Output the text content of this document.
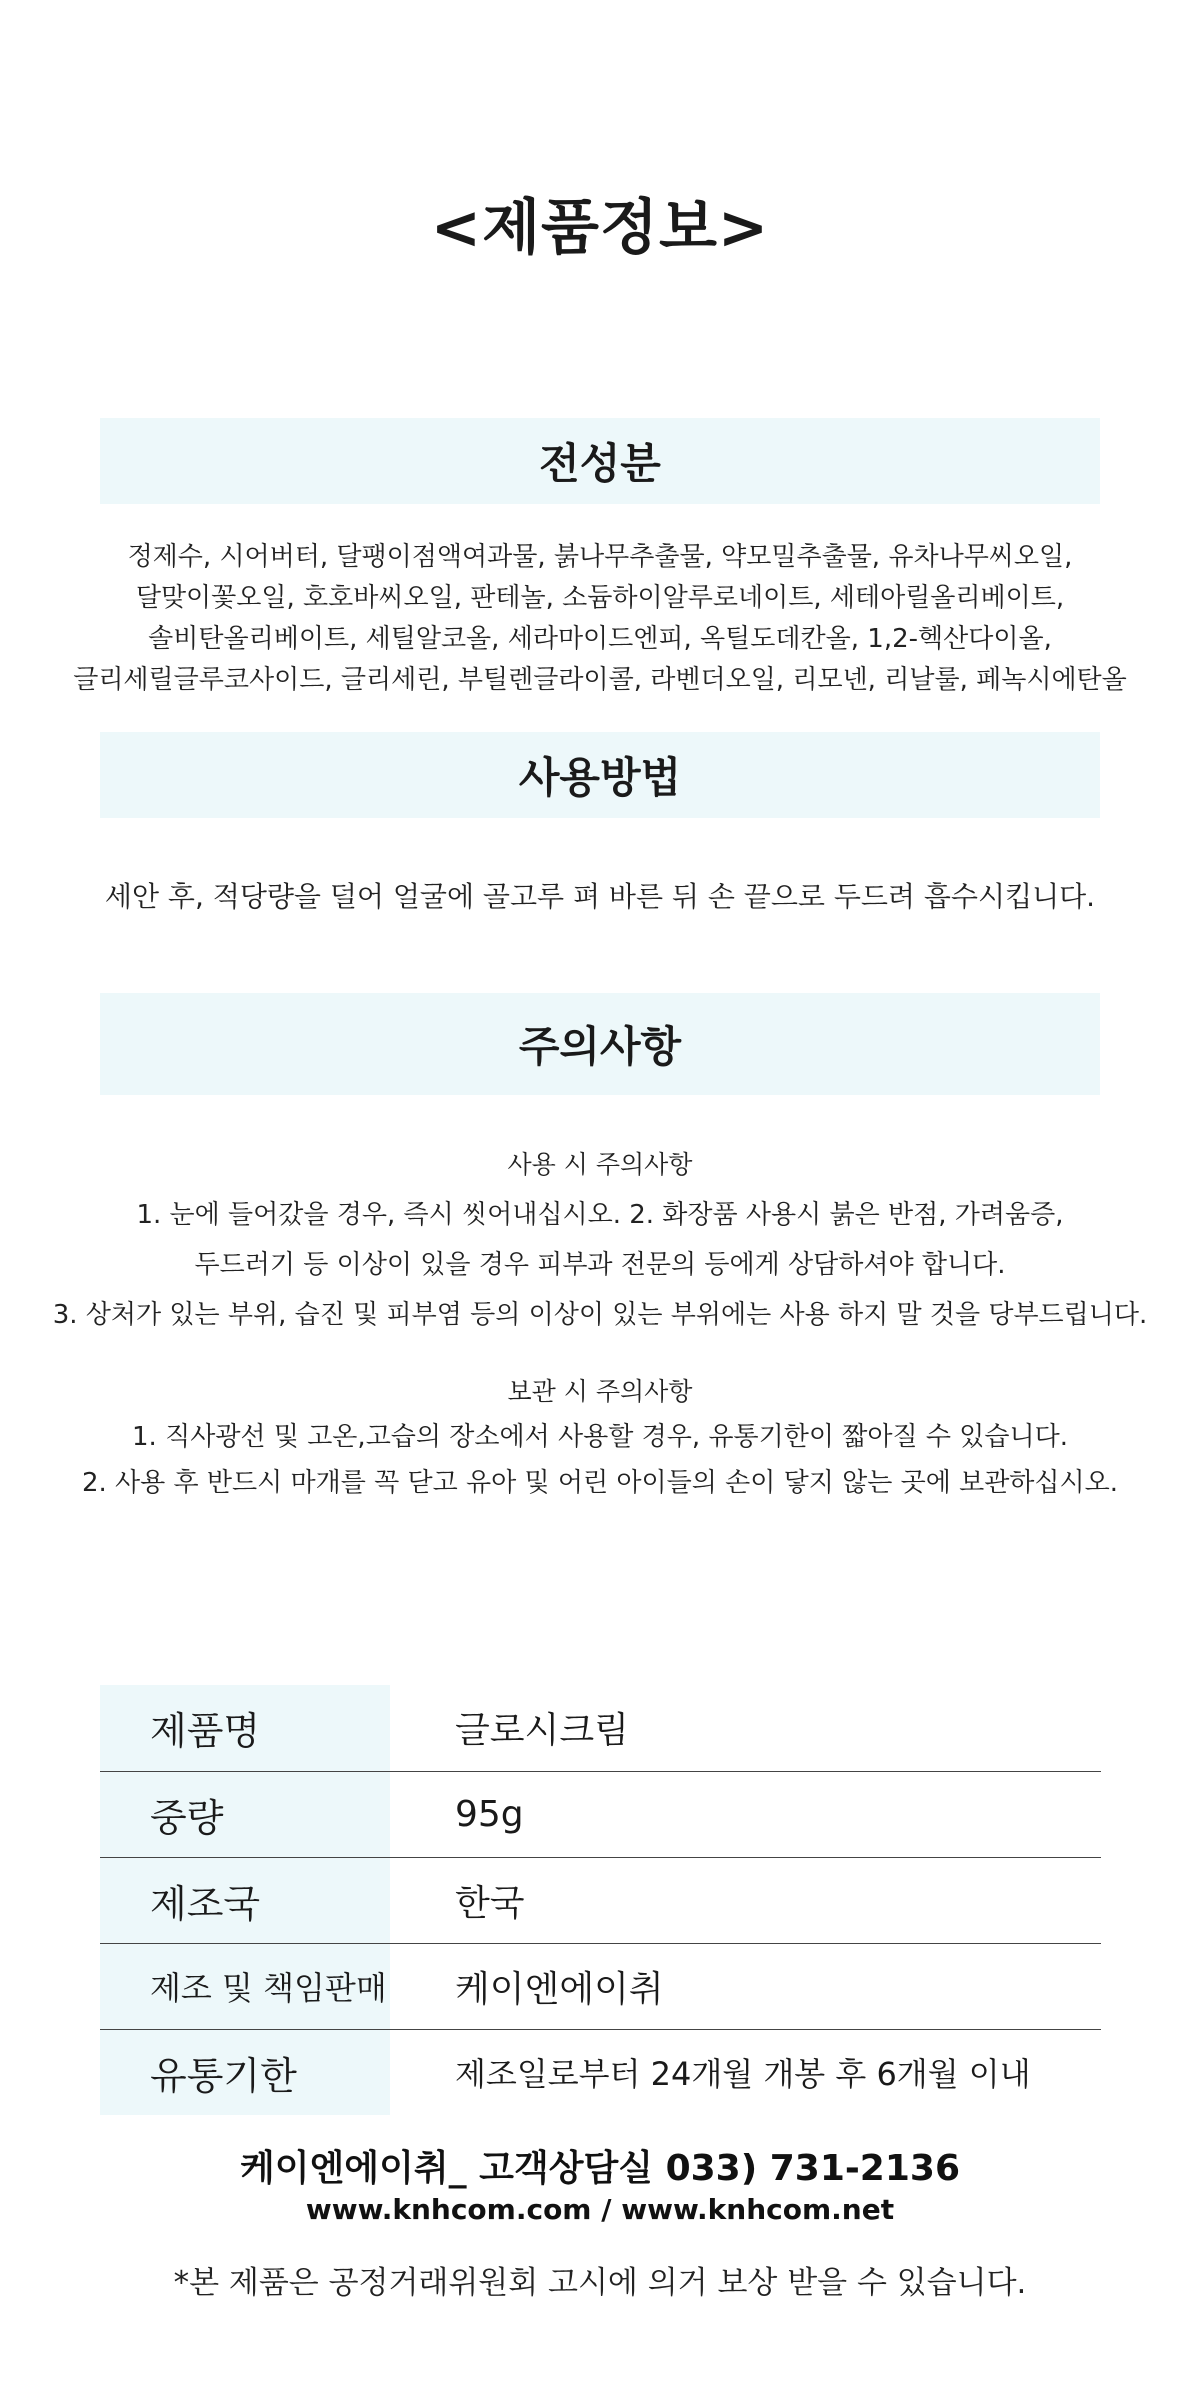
<제품정보>
전성분
정제수, 시어버터, 달팽이점액여과물, 붉나무추출물, 약모밀추출물, 유차나무씨오일,
달맞이꽃오일, 호호바씨오일, 판테놀, 소듐하이알루로네이트, 세테아릴올리베이트,
솔비탄올리베이트, 세틸알코올, 세라마이드엔피, 옥틸도데칸올, 1,2-헥산다이올,
글리세릴글루코사이드, 글리세린, 부틸렌글라이콜, 라벤더오일, 리모넨, 리날룰, 페녹시에탄올
사용방법
세안 후, 적당량을 덜어 얼굴에 골고루 펴 바른 뒤 손 끝으로 두드려 흡수시킵니다.
주의사항
사용 시 주의사항
1. 눈에 들어갔을 경우, 즉시 씻어내십시오. 2. 화장품 사용시 붉은 반점, 가려움증,
두드러기 등 이상이 있을 경우 피부과 전문의 등에게 상담하셔야 합니다.
3. 상처가 있는 부위, 습진 및 피부염 등의 이상이 있는 부위에는 사용 하지 말 것을 당부드립니다.
보관 시 주의사항
1. 직사광선 및 고온,고습의 장소에서 사용할 경우, 유통기한이 짧아질 수 있습니다.
2. 사용 후 반드시 마개를 꼭 닫고 유아 및 어린 아이들의 손이 닿지 않는 곳에 보관하십시오.
제품명	글로시크림
중량	95g
제조국	한국
제조 및 책임판매	케이엔에이취
유통기한	제조일로부터 24개월 개봉 후 6개월 이내
케이엔에이취_ 고객상담실 033) 731-2136
www.knhcom.com / www.knhcom.net
*본 제품은 공정거래위원회 고시에 의거 보상 받을 수 있습니다.
